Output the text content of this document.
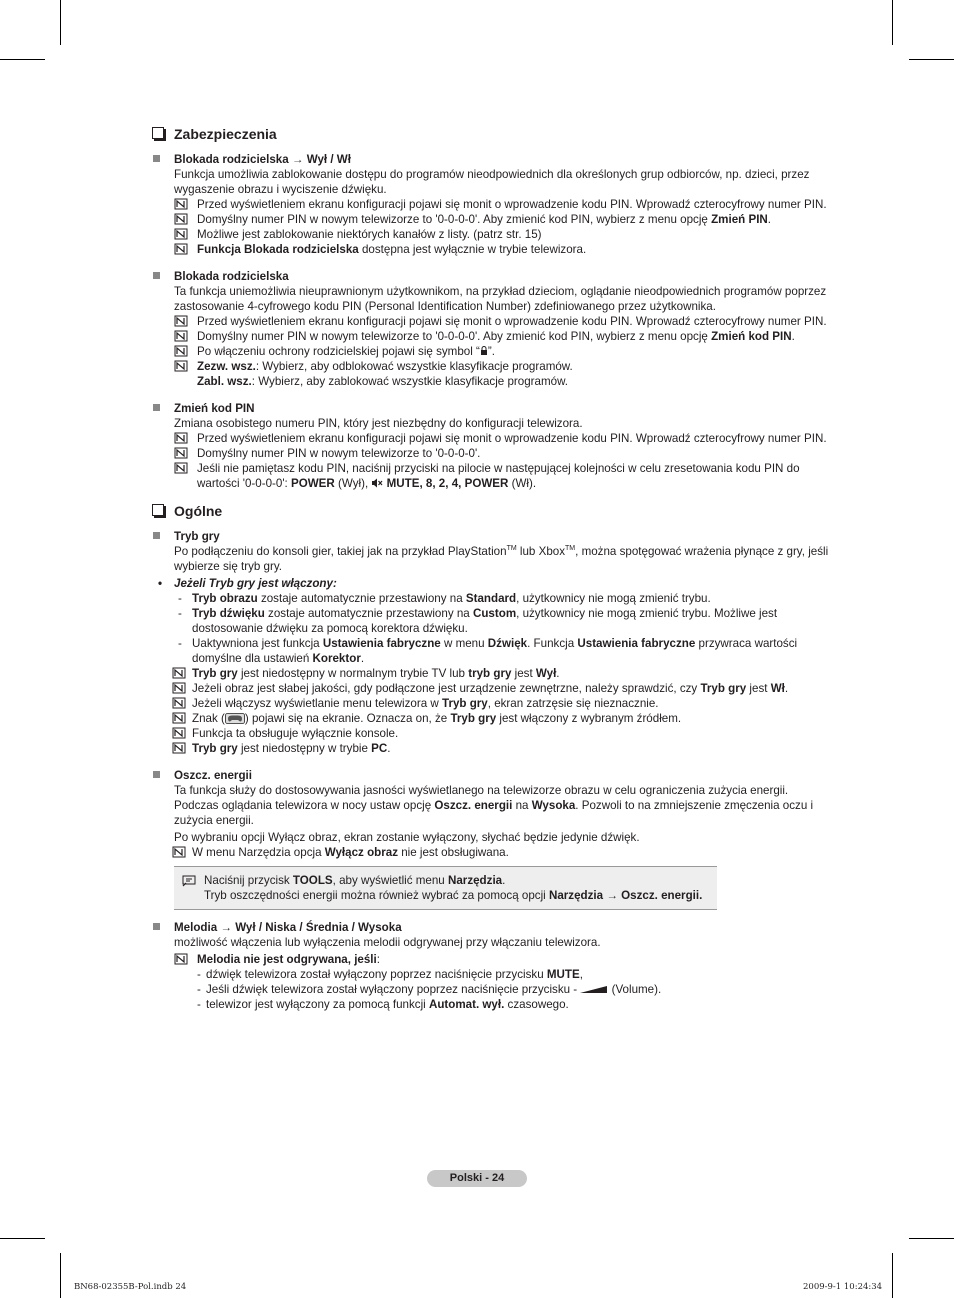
Zabezpieczenia
Blokada rodzicielska → Wył / Wł
Funkcja umożliwia zablokowanie dostępu do programów nieodpowiednich dla określonych grup odbiorców, np. dzieci, przez wygaszenie obrazu i wyciszenie dźwięku.
Przed wyświetleniem ekranu konfiguracji pojawi się monit o wprowadzenie kodu PIN. Wprowadź czterocyfrowy numer PIN.
Domyślny numer PIN w nowym telewizorze to '0-0-0-0'. Aby zmienić kod PIN, wybierz z menu opcję Zmień PIN.
Możliwe jest zablokowanie niektórych kanałów z listy. (patrz str. 15)
Funkcja Blokada rodzicielska dostępna jest wyłącznie w trybie telewizora.
Blokada rodzicielska
Ta funkcja uniemożliwia nieuprawnionym użytkownikom, na przykład dzieciom, oglądanie nieodpowiednich programów poprzez zastosowanie 4-cyfrowego kodu PIN (Personal Identification Number) zdefiniowanego przez użytkownika.
Przed wyświetleniem ekranu konfiguracji pojawi się monit o wprowadzenie kodu PIN. Wprowadź czterocyfrowy numer PIN.
Domyślny numer PIN w nowym telewizorze to '0-0-0-0'. Aby zmienić kod PIN, wybierz z menu opcję Zmień kod PIN.
Po włączeniu ochrony rodzicielskiej pojawi się symbol “ ”.
Zezw. wsz.: Wybierz, aby odblokować wszystkie klasyfikacje programów.
Zabl. wsz.: Wybierz, aby zablokować wszystkie klasyfikacje programów.
Zmień kod PIN
Zmiana osobistego numeru PIN, który jest niezbędny do konfiguracji telewizora.
Przed wyświetleniem ekranu konfiguracji pojawi się monit o wprowadzenie kodu PIN. Wprowadź czterocyfrowy numer PIN.
Domyślny numer PIN w nowym telewizorze to '0-0-0-0'.
Jeśli nie pamiętasz kodu PIN, naciśnij przyciski na pilocie w następującej kolejności w celu zresetowania kodu PIN do wartości '0-0-0-0': POWER (Wył),  MUTE, 8, 2, 4, POWER (Wł).
Ogólne
Tryb gry
Po podłączeniu do konsoli gier, takiej jak na przykład PlayStation™ lub Xbox™, można spotęgować wrażenia płynące z gry, jeśli wybierze się tryb gry.
• Jeżeli Tryb gry jest włączony:
- Tryb obrazu zostaje automatycznie przestawiony na Standard, użytkownicy nie mogą zmienić trybu.
- Tryb dźwięku zostaje automatycznie przestawiony na Custom, użytkownicy nie mogą zmienić trybu. Możliwe jest dostosowanie dźwięku za pomocą korektora dźwięku.
- Uaktywniona jest funkcja Ustawienia fabryczne w menu Dźwięk. Funkcja Ustawienia fabryczne przywraca wartości domyślne dla ustawień Korektor.
Tryb gry jest niedostępny w normalnym trybie TV lub tryb gry jest Wył.
Jeżeli obraz jest słabej jakości, gdy podłączone jest urządzenie zewnętrzne, należy sprawdzić, czy Tryb gry jest Wł.
Jeżeli włączysz wyświetlanie menu telewizora w Tryb gry, ekran zatrzęsie się nieznacznie.
Znak ( ) pojawi się na ekranie. Oznacza on, że Tryb gry jest włączony z wybranym źródłem.
Funkcja ta obsługuje wyłącznie konsole.
Tryb gry jest niedostępny w trybie PC.
Oszcz. energii
Ta funkcja służy do dostosowywania jasności wyświetlanego na telewizorze obrazu w celu ograniczenia zużycia energii. Podczas oglądania telewizora w nocy ustaw opcję Oszcz. energii na Wysoka. Pozwoli to na zmniejszenie zmęczenia oczu i zużycia energii.
Po wybraniu opcji Wyłącz obraz, ekran zostanie wyłączony, słychać będzie jedynie dźwięk.
W menu Narzędzia opcja Wyłącz obraz nie jest obsługiwana.
Naciśnij przycisk TOOLS, aby wyświetlić menu Narzędzia.
Tryb oszczędności energii można również wybrać za pomocą opcji Narzędzia → Oszcz. energii.
Melodia → Wył / Niska / Średnia / Wysoka
możliwość włączenia lub wyłączenia melodii odgrywanej przy włączaniu telewizora.
Melodia nie jest odgrywana, jeśli:
- dźwięk telewizora został wyłączony poprzez naciśnięcie przycisku MUTE,
- Jeśli dźwięk telewizora został wyłączony poprzez naciśnięcie przycisku -  (Volume).
- telewizor jest wyłączony za pomocą funkcji Automat. wył. czasowego.
Polski - 24
BN68-02355B-Pol.indb 24	2009-9-1 10:24:34
